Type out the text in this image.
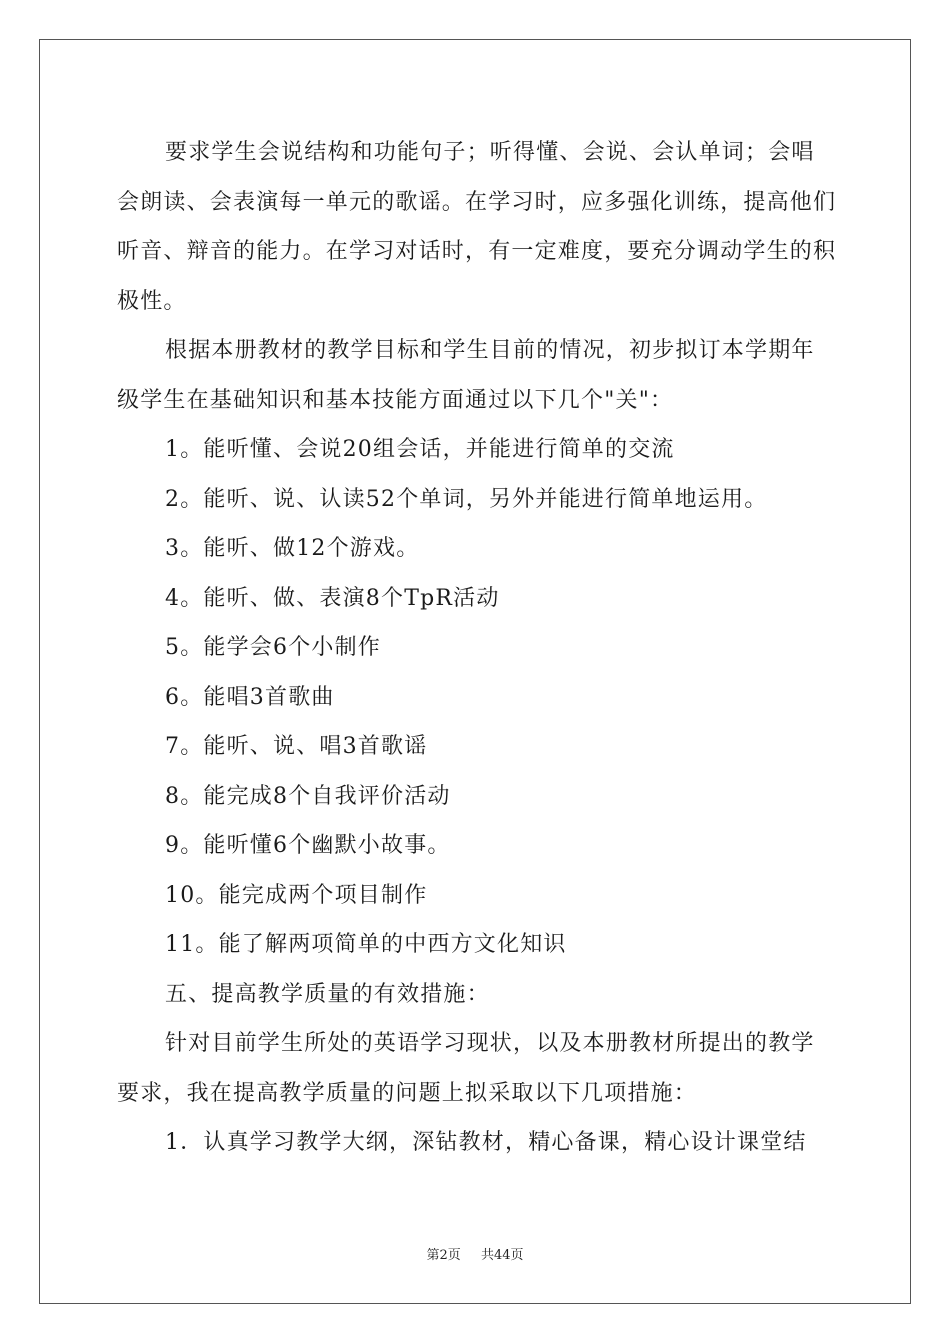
要求学生会说结构和功能句子；听得懂、会说、会认单词；会唱会朗读、会表演每一单元的歌谣。在学习时，应多强化训练，提高他们听音、辩音的能力。在学习对话时，有一定难度，要充分调动学生的积极性。

根据本册教材的教学目标和学生目前的情况，初步拟订本学期年级学生在基础知识和基本技能方面通过以下几个"关"：

1。能听懂、会说20组会话，并能进行简单的交流

2。能听、说、认读52个单词，另外并能进行简单地运用。

3。能听、做12个游戏。

4。能听、做、表演8个TpR活动

5。能学会6个小制作

6。能唱3首歌曲

7。能听、说、唱3首歌谣

8。能完成8个自我评价活动

9。能听懂6个幽默小故事。

10。能完成两个项目制作

11。能了解两项简单的中西方文化知识

五、提高教学质量的有效措施：

针对目前学生所处的英语学习现状，以及本册教材所提出的教学要求，我在提高教学质量的问题上拟采取以下几项措施：

1．认真学习教学大纲，深钻教材，精心备课，精心设计课堂结

第2页 共44页
